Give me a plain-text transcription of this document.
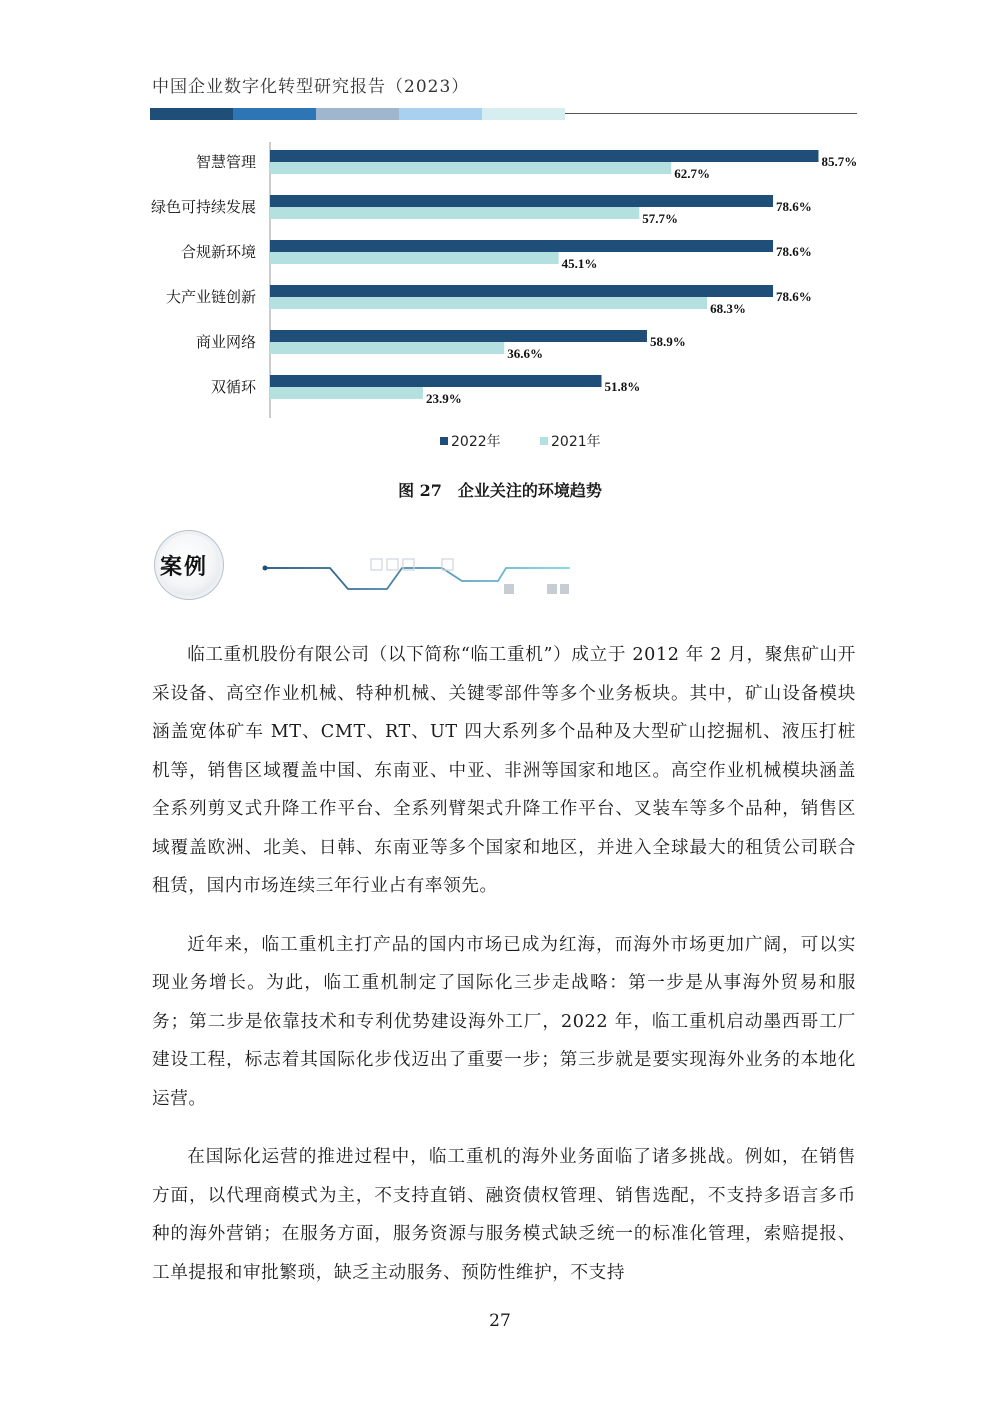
中国企业数字化转型研究报告（2023）
智慧管理	85.7%
62.7%
绿色可持续发展	78.6%
57.7%
合规新环境	78.6%
45.1%
大产业链创新	78.6%
68.3%
商业网络	58.9%
36.6%
双循环	51.8%
23.9%
2022年	2021年
图 27　企业关注的环境趋势
案例

临工重机股份有限公司（以下简称“临工重机”）成立于 2012 年 2 月，聚焦矿山开采设备、高空作业机械、特种机械、关键零部件等多个业务板块。其中，矿山设备模块涵盖宽体矿车 MT、CMT、RT、UT 四大系列多个品种及大型矿山挖掘机、液压打桩机等，销售区域覆盖中国、东南亚、中亚、非洲等国家和地区。高空作业机械模块涵盖全系列剪叉式升降工作平台、全系列臂架式升降工作平台、叉装车等多个品种，销售区域覆盖欧洲、北美、日韩、东南亚等多个国家和地区，并进入全球最大的租赁公司联合租赁，国内市场连续三年行业占有率领先。

近年来，临工重机主打产品的国内市场已成为红海，而海外市场更加广阔，可以实现业务增长。为此，临工重机制定了国际化三步走战略：第一步是从事海外贸易和服务；第二步是依靠技术和专利优势建设海外工厂，2022 年，临工重机启动墨西哥工厂建设工程，标志着其国际化步伐迈出了重要一步；第三步就是要实现海外业务的本地化运营。

在国际化运营的推进过程中，临工重机的海外业务面临了诸多挑战。例如，在销售方面，以代理商模式为主，不支持直销、融资债权管理、销售选配，不支持多语言多币种的海外营销；在服务方面，服务资源与服务模式缺乏统一的标准化管理，索赔提报、工单提报和审批繁琐，缺乏主动服务、预防性维护，不支持

27
